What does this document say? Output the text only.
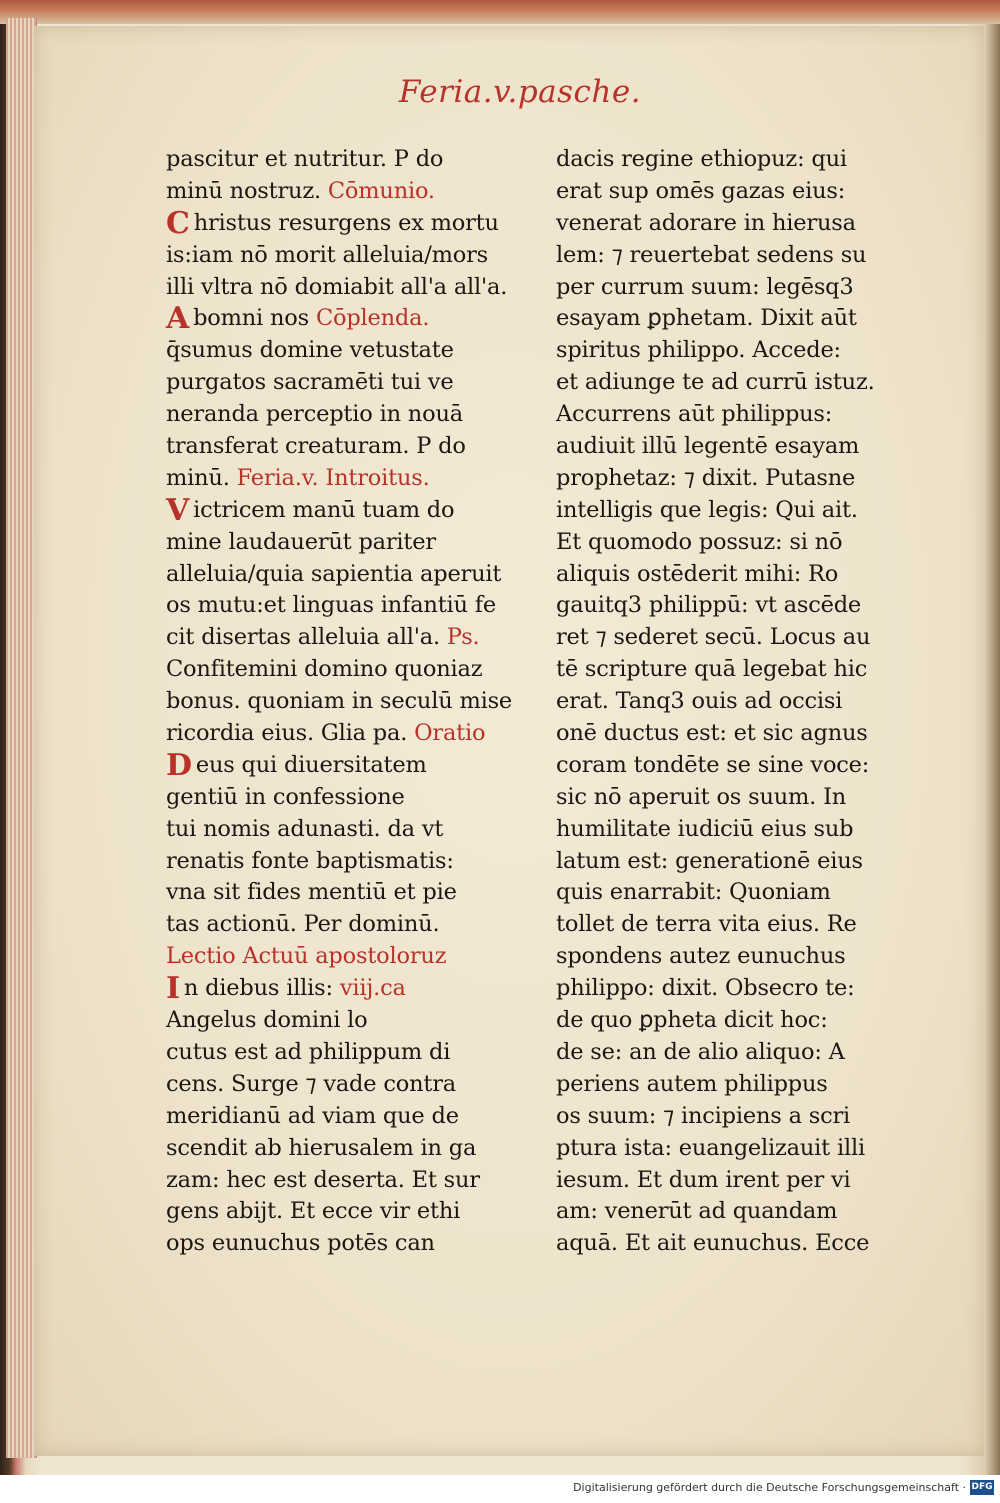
Feria.v.pasche.
pascitur et nutritur. P do
minū nostruz. Cōmunio.
C hristus resurgens ex mortu
is:iam nō morit alleluia/mors
illi vltra nō domiabit all'a all'a.
A bomni nos Cōplenda.
q̄sumus domine vetustate
purgatos sacramēti tui ve
neranda perceptio in nouā
transferat creaturam. P do
minū. Feria.v. Introitus.
V ictricem manū tuam do
mine laudauerūt pariter
alleluia/quia sapientia aperuit
os mutu:et linguas infantiū fe
cit disertas alleluia all'a. Ps.
Confitemini domino quoniaz
bonus. quoniam in seculū mise
ricordia eius. Glia pa. Oratio
D eus qui diuersitatem
gentiū in confessione
tui nomis adunasti. da vt
renatis fonte baptismatis:
vna sit fides mentiū et pie
tas actionū. Per dominū.
Lectio Actuū apostoloruz
I n diebus illis: viij.ca
Angelus domini lo
cutus est ad philippum di
cens. Surge ⁊ vade contra
meridianū ad viam que de
scendit ab hierusalem in ga
zam: hec est deserta. Et sur
gens abijt. Et ecce vir ethi
ops eunuchus potēs can
dacis regine ethiopuz: qui
erat sup omēs gazas eius:
venerat adorare in hierusa
lem: ⁊ reuertebat sedens su
per currum suum: legēsq3
esayam ꝑphetam. Dixit aūt
spiritus philippo. Accede:
et adiunge te ad currū istuz.
Accurrens aūt philippus:
audiuit illū legentē esayam
prophetaz: ⁊ dixit. Putasne
intelligis que legis: Qui ait.
Et quomodo possuz: si nō
aliquis ostēderit mihi: Ro
gauitq3 philippū: vt ascēde
ret ⁊ sederet secū. Locus au
tē scripture quā legebat hic
erat. Tanq3 ouis ad occisi
onē ductus est: et sic agnus
coram tondēte se sine voce:
sic nō aperuit os suum. In
humilitate iudiciū eius sub
latum est: generationē eius
quis enarrabit: Quoniam
tollet de terra vita eius. Re
spondens autez eunuchus
philippo: dixit. Obsecro te:
de quo ꝑpheta dicit hoc:
de se: an de alio aliquo: A
periens autem philippus
os suum: ⁊ incipiens a scri
ptura ista: euangelizauit illi
iesum. Et dum irent per vi
am: venerūt ad quandam
aquā. Et ait eunuchus. Ecce
Digitalisierung gefördert durch die Deutsche Forschungsgemeinschaft · DFG
